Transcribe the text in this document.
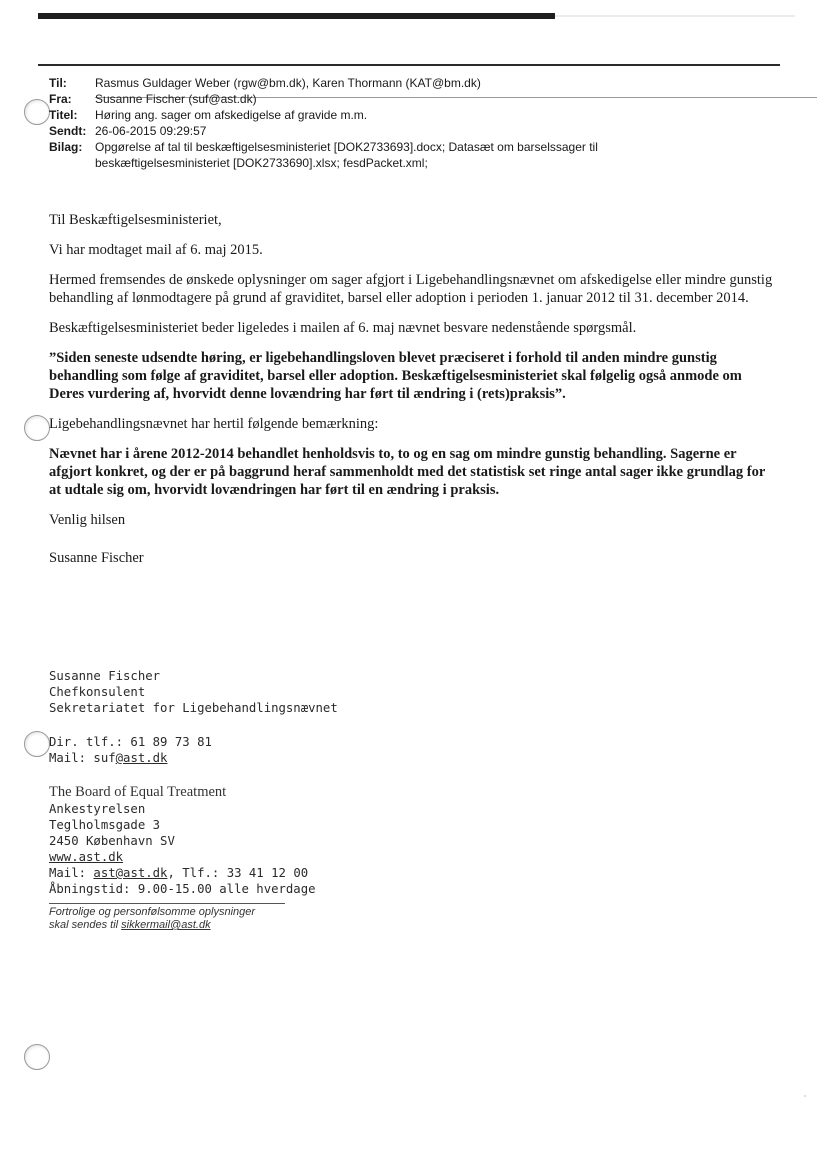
Til:	Rasmus Guldager Weber (rgw@bm.dk), Karen Thormann (KAT@bm.dk)
Fra:	Susanne Fischer (suf@ast.dk)
Titel:	Høring ang. sager om afskedigelse af gravide m.m.
Sendt: 26-06-2015 09:29:57
Bilag:	Opgørelse af tal til beskæftigelsesministeriet [DOK2733693].docx; Datasæt om barselssager til beskæftigelsesministeriet [DOK2733690].xlsx; fesdPacket.xml;

Til Beskæftigelsesministeriet,

Vi har modtaget mail af 6. maj 2015.

Hermed fremsendes de ønskede oplysninger om sager afgjort i Ligebehandlingsnævnet om afskedigelse eller mindre gunstig behandling af lønmodtagere på grund af graviditet, barsel eller adoption i perioden 1. januar 2012 til 31. december 2014.

Beskæftigelsesministeriet beder ligeledes i mailen af 6. maj nævnet besvare nedenstående spørgsmål.

”Siden seneste udsendte høring, er ligebehandlingsloven blevet præciseret i forhold til anden mindre gunstig behandling som følge af graviditet, barsel eller adoption. Beskæftigelsesministeriet skal følgelig også anmode om Deres vurdering af, hvorvidt denne lovændring har ført til ændring i (rets)praksis”.

Ligebehandlingsnævnet har hertil følgende bemærkning:

Nævnet har i årene 2012-2014 behandlet henholdsvis to, to og en sag om mindre gunstig behandling. Sagerne er afgjort konkret, og der er på baggrund heraf sammenholdt med det statistisk set ringe antal sager ikke grundlag for at udtale sig om, hvorvidt lovændringen har ført til en ændring i praksis.

Venlig hilsen

Susanne Fischer

Susanne Fischer
Chefkonsulent
Sekretariatet for Ligebehandlingsnævnet
Dir. tlf.: 61 89 73 81
Mail: suf@ast.dk
The Board of Equal Treatment
Ankestyrelsen
Teglholmsgade 3
2450 København SV
www.ast.dk
Mail: ast@ast.dk, Tlf.: 33 41 12 00
Åbningstid: 9.00-15.00 alle hverdage
Fortrolige og personfølsomme oplysninger
skal sendes til sikkermail@ast.dk
